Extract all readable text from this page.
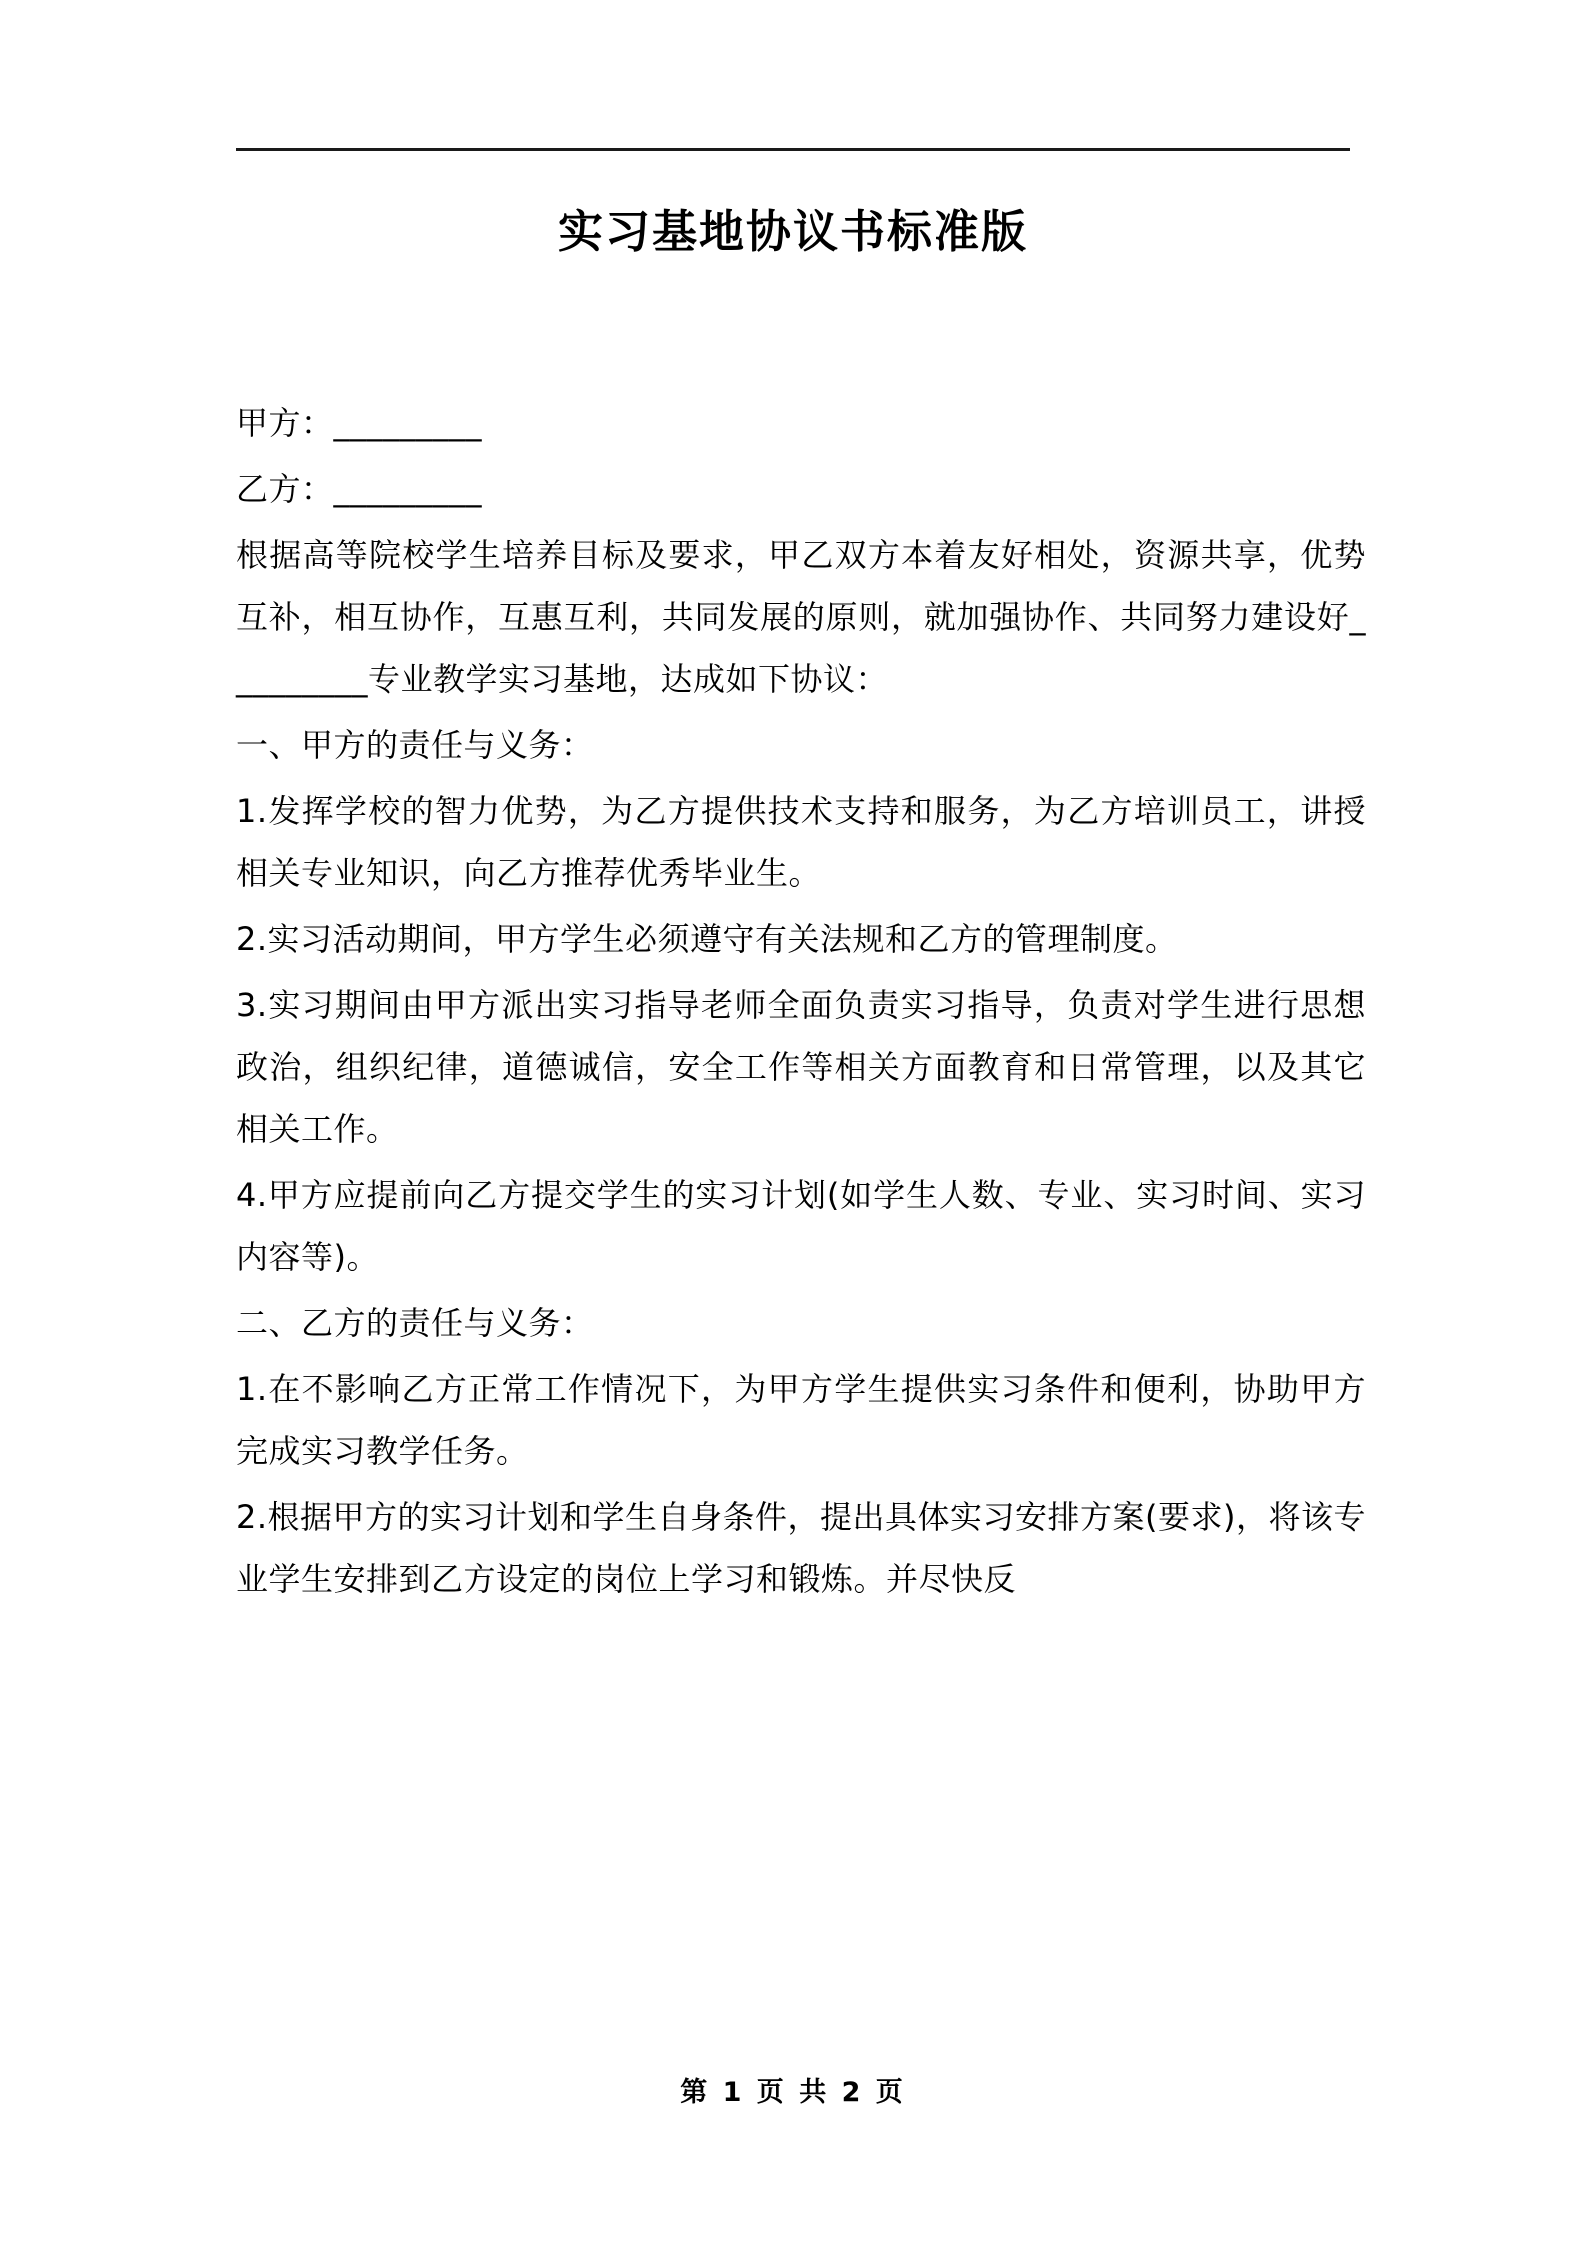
实习基地协议书标准版

甲方：_________

乙方：_________

根据高等院校学生培养目标及要求，甲乙双方本着友好相处，资源共享，优势互补，相互协作，互惠互利，共同发展的原则，就加强协作、共同努力建设好_________专业教学实习基地，达成如下协议：

一、甲方的责任与义务：

1.发挥学校的智力优势，为乙方提供技术支持和服务，为乙方培训员工，讲授相关专业知识，向乙方推荐优秀毕业生。

2.实习活动期间，甲方学生必须遵守有关法规和乙方的管理制度。

3.实习期间由甲方派出实习指导老师全面负责实习指导，负责对学生进行思想政治，组织纪律，道德诚信，安全工作等相关方面教育和日常管理，以及其它相关工作。

4.甲方应提前向乙方提交学生的实习计划(如学生人数、专业、实习时间、实习内容等)。

二、乙方的责任与义务：

1.在不影响乙方正常工作情况下，为甲方学生提供实习条件和便利，协助甲方完成实习教学任务。

2.根据甲方的实习计划和学生自身条件，提出具体实习安排方案(要求)，将该专业学生安排到乙方设定的岗位上学习和锻炼。并尽快反

第 1 页 共 2 页
